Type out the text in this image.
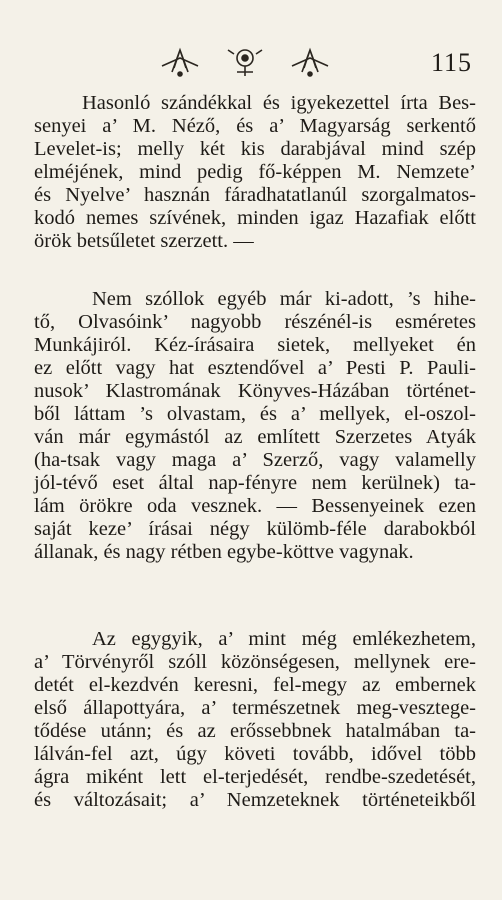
115
Hasonló szándékkal és igyekezettel írta Bes-
senyei a’ M. Néző, és a’ Magyarság serkentő
Levelet-is; melly két kis darabjával mind szép
elméjének, mind pedig fő-képpen M. Nemzete’
és Nyelve’ hasznán fáradhatatlanúl szorgalmatos-
kodó nemes szívének, minden igaz Hazafiak előtt
örök betsűletet szerzett. —
Nem szóllok egyéb már ki-adott, ’s hihe-
tő, Olvasóink’ nagyobb részénél-is esméretes
Munkájiról. Kéz-írásaira sietek, mellyeket én
ez előtt vagy hat esztendővel a’ Pesti P. Pauli-
nusok’ Klastromának Könyves-Házában történet-
ből láttam ’s olvastam, és a’ mellyek, el-oszol-
ván már egymástól az említett Szerzetes Atyák
(ha-tsak vagy maga a’ Szerző, vagy valamelly
jól-tévő eset által nap-fényre nem kerülnek) ta-
lám örökre oda vesznek. — Bessenyeinek ezen
saját keze’ írásai négy külömb-féle darabokból
állanak, és nagy rétben egybe-köttve vagynak.
Az egygyik, a’ mint még emlékezhetem,
a’ Törvényről szóll közönségesen, mellynek ere-
detét el-kezdvén keresni, fel-megy az embernek
első állapottyára, a’ természetnek meg-vesztege-
tődése utánn; és az erőssebbnek hatalmában ta-
lálván-fel azt, úgy követi tovább, idővel több
ágra miként lett el-terjedését, rendbe-szedetését,
és változásait; a’ Nemzeteknek történeteikből
